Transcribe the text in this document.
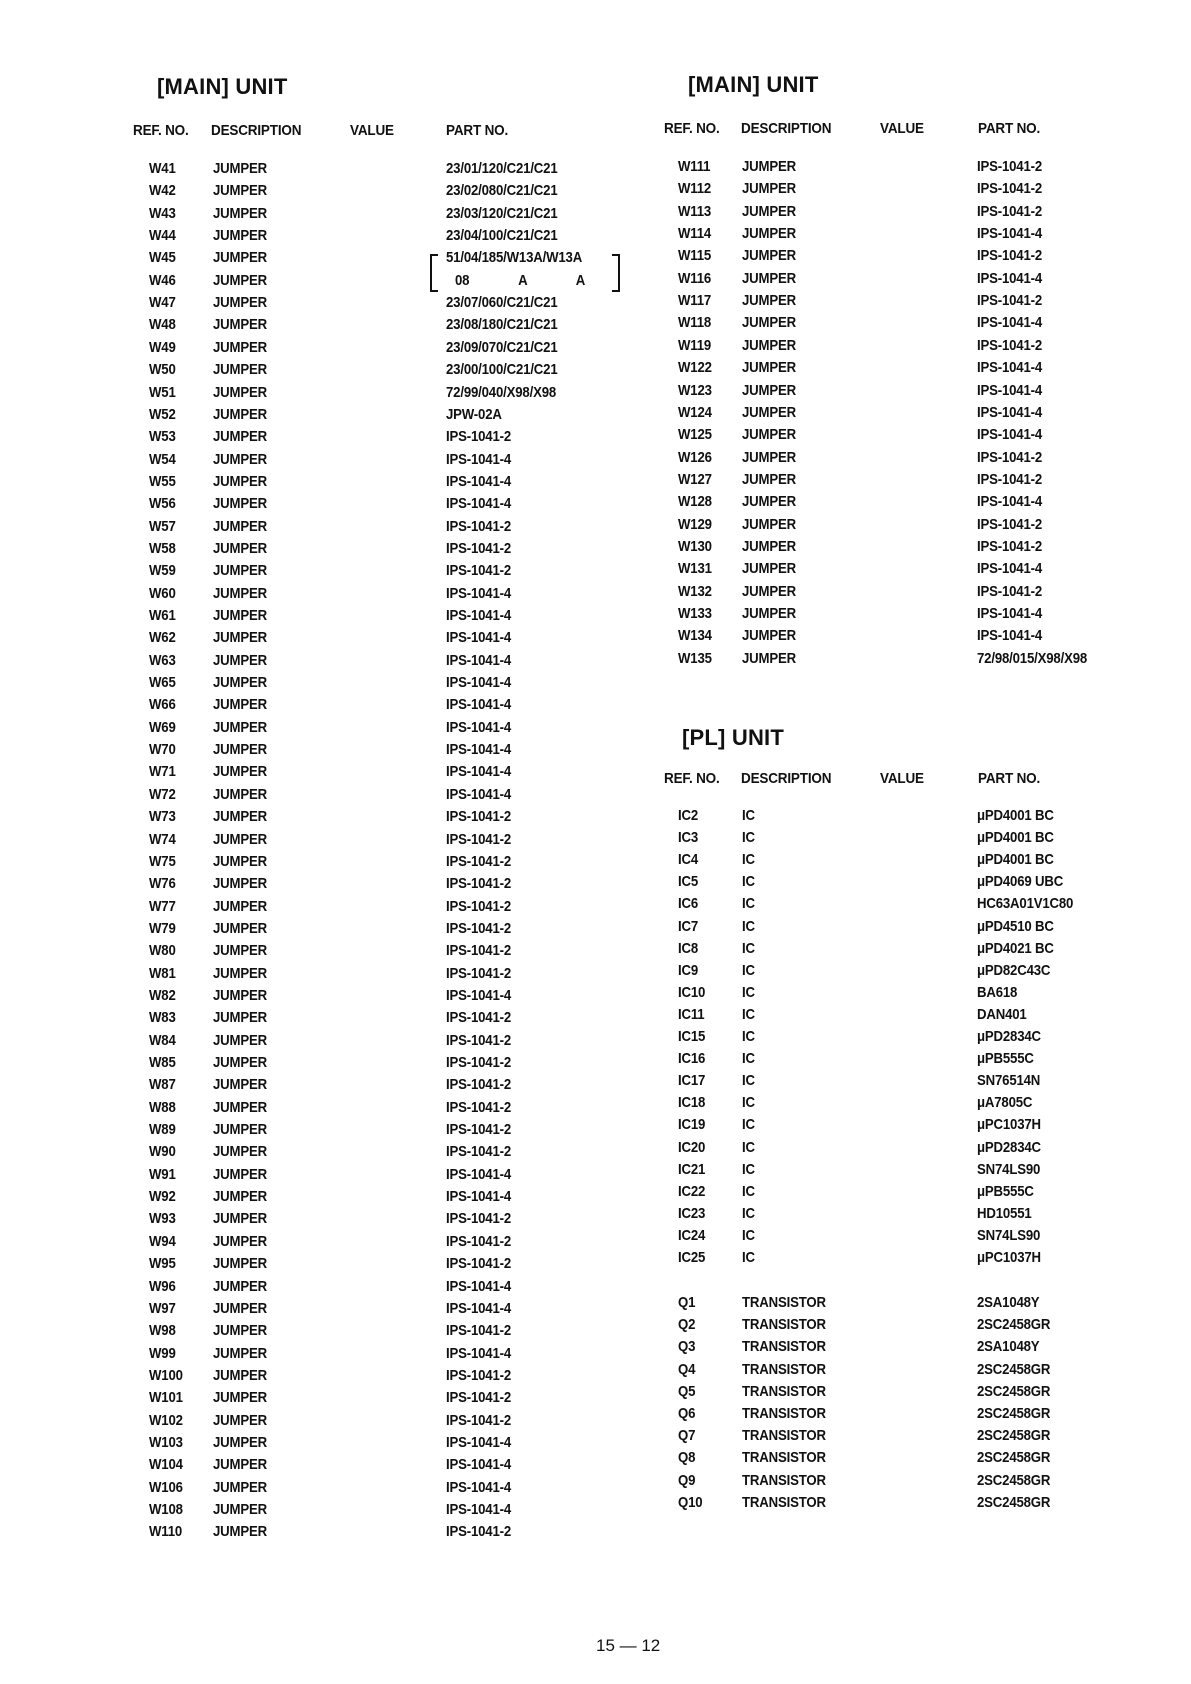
[MAIN] UNIT
REF. NO. DESCRIPTION	VALUE	PART NO.
W41 JUMPER	23/01/120/C21/C21
W42 JUMPER	23/02/080/C21/C21
W43 JUMPER	23/03/120/C21/C21
W44 JUMPER	23/04/100/C21/C21
W45 JUMPER	51/04/185/W13A/W13A
W46 JUMPER	08 A A
W47 JUMPER	23/07/060/C21/C21
W48 JUMPER	23/08/180/C21/C21
W49 JUMPER	23/09/070/C21/C21
W50 JUMPER	23/00/100/C21/C21
W51 JUMPER	72/99/040/X98/X98
W52 JUMPER	JPW-02A
W53 JUMPER	IPS-1041-2
W54 JUMPER	IPS-1041-4
W55 JUMPER	IPS-1041-4
W56 JUMPER	IPS-1041-4
W57 JUMPER	IPS-1041-2
W58 JUMPER	IPS-1041-2
W59 JUMPER	IPS-1041-2
W60 JUMPER	IPS-1041-4
W61 JUMPER	IPS-1041-4
W62 JUMPER	IPS-1041-4
W63 JUMPER	IPS-1041-4
W65 JUMPER	IPS-1041-4
W66 JUMPER	IPS-1041-4
W69 JUMPER	IPS-1041-4
W70 JUMPER	IPS-1041-4
W71 JUMPER	IPS-1041-4
W72 JUMPER	IPS-1041-4
W73 JUMPER	IPS-1041-2
W74 JUMPER	IPS-1041-2
W75 JUMPER	IPS-1041-2
W76 JUMPER	IPS-1041-2
W77 JUMPER	IPS-1041-2
W79 JUMPER	IPS-1041-2
W80 JUMPER	IPS-1041-2
W81 JUMPER	IPS-1041-2
W82 JUMPER	IPS-1041-4
W83 JUMPER	IPS-1041-2
W84 JUMPER	IPS-1041-2
W85 JUMPER	IPS-1041-2
W87 JUMPER	IPS-1041-2
W88 JUMPER	IPS-1041-2
W89 JUMPER	IPS-1041-2
W90 JUMPER	IPS-1041-2
W91 JUMPER	IPS-1041-4
W92 JUMPER	IPS-1041-4
W93 JUMPER	IPS-1041-2
W94 JUMPER	IPS-1041-2
W95 JUMPER	IPS-1041-2
W96 JUMPER	IPS-1041-4
W97 JUMPER	IPS-1041-4
W98 JUMPER	IPS-1041-2
W99 JUMPER	IPS-1041-4
W100 JUMPER	IPS-1041-2
W101 JUMPER	IPS-1041-2
W102 JUMPER	IPS-1041-2
W103 JUMPER	IPS-1041-4
W104 JUMPER	IPS-1041-4
W106 JUMPER	IPS-1041-4
W108 JUMPER	IPS-1041-4
W110 JUMPER	IPS-1041-2
[MAIN] UNIT
REF. NO. DESCRIPTION	VALUE	PART NO.
W111 JUMPER	IPS-1041-2
W112 JUMPER	IPS-1041-2
W113 JUMPER	IPS-1041-2
W114 JUMPER	IPS-1041-4
W115 JUMPER	IPS-1041-2
W116 JUMPER	IPS-1041-4
W117 JUMPER	IPS-1041-2
W118 JUMPER	IPS-1041-4
W119 JUMPER	IPS-1041-2
W122 JUMPER	IPS-1041-4
W123 JUMPER	IPS-1041-4
W124 JUMPER	IPS-1041-4
W125 JUMPER	IPS-1041-4
W126 JUMPER	IPS-1041-2
W127 JUMPER	IPS-1041-2
W128 JUMPER	IPS-1041-4
W129 JUMPER	IPS-1041-2
W130 JUMPER	IPS-1041-2
W131 JUMPER	IPS-1041-4
W132 JUMPER	IPS-1041-2
W133 JUMPER	IPS-1041-4
W134 JUMPER	IPS-1041-4
W135 JUMPER	72/98/015/X98/X98
[PL] UNIT
REF. NO. DESCRIPTION	VALUE	PART NO.
IC2	IC	μPD4001 BC
IC3	IC	μPD4001 BC
IC4	IC	μPD4001 BC
IC5	IC	μPD4069 UBC
IC6	IC	HC63A01V1C80
IC7	IC	μPD4510 BC
IC8	IC	μPD4021 BC
IC9	IC	μPD82C43C
IC10 IC	BA618
IC11	IC	DAN401
IC15 IC	μPD2834C
IC16 IC	μPB555C
IC17 IC	SN76514N
IC18 IC	μA7805C
IC19 IC	μPC1037H
IC20 IC	μPD2834C
IC21 IC	SN74LS90
IC22 IC	μPB555C
IC23 IC	HD10551
IC24 IC	SN74LS90
IC25 IC	μPC1037H
Q1	TRANSISTOR	2SA1048Y
Q2	TRANSISTOR	2SC2458GR
Q3	TRANSISTOR	2SA1048Y
Q4	TRANSISTOR	2SC2458GR
Q5	TRANSISTOR	2SC2458GR
Q6	TRANSISTOR	2SC2458GR
Q7	TRANSISTOR	2SC2458GR
Q8	TRANSISTOR	2SC2458GR
Q9	TRANSISTOR	2SC2458GR
Q10	TRANSISTOR	2SC2458GR
15 — 12
